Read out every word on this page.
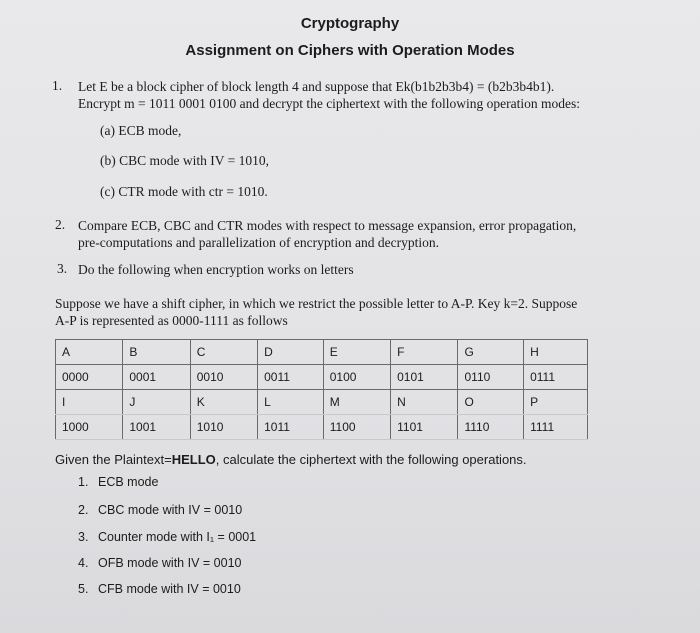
Cryptography
Assignment on Ciphers with Operation Modes
1. Let E be a block cipher of block length 4 and suppose that Ek(b1b2b3b4) = (b2b3b4b1).
Encrypt m = 1011 0001 0100 and decrypt the ciphertext with the following operation modes:
(a) ECB mode,
(b) CBC mode with IV = 1010,
(c) CTR mode with ctr = 1010.
2. Compare ECB, CBC and CTR modes with respect to message expansion, error propagation,
pre-computations and parallelization of encryption and decryption.
3. Do the following when encryption works on letters
Suppose we have a shift cipher, in which we restrict the possible letter to A-P. Key k=2. Suppose
A-P is represented as 0000-1111 as follows
A	B	C	D	E	F	G	H
0000	0001	0010	0011	0100	0101	0110	0111
I	J	K	L	M	N	O	P
1000	1001	1010	1011	1100	1101	1110	1111
Given the Plaintext=HELLO, calculate the ciphertext with the following operations.
1. ECB mode
2. CBC mode with IV = 0010
3. Counter mode with I₁ = 0001
4. OFB mode with IV = 0010
5. CFB mode with IV = 0010
